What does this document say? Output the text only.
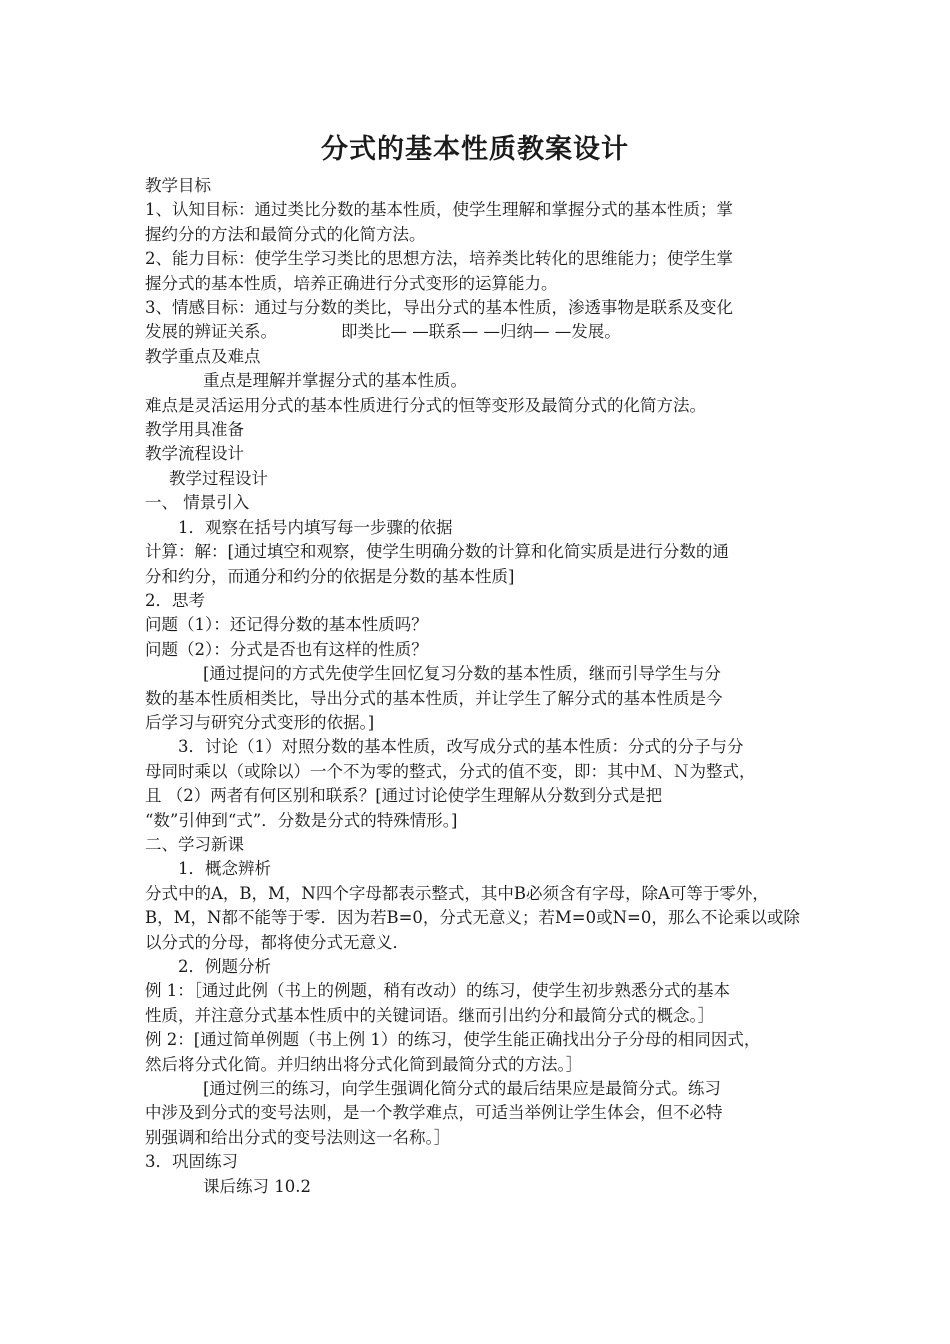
分式的基本性质教案设计

教学目标

1、认知目标：通过类比分数的基本性质，使学生理解和掌握分式的基本性质；掌

握约分的方法和最简分式的化简方法。

2、能力目标：使学生学习类比的思想方法，培养类比转化的思维能力；使学生掌

握分式的基本性质，培养正确进行分式变形的运算能力。

3、情感目标：通过与分数的类比，导出分式的基本性质，渗透事物是联系及变化

发展的辨证关系。	即类比— —联系— —归纳— —发展。

教学重点及难点

重点是理解并掌握分式的基本性质。

难点是灵活运用分式的基本性质进行分式的恒等变形及最简分式的化简方法。

教学用具准备

教学流程设计

教学过程设计

一、 情景引入

1．观察在括号内填写每一步骤的依据

计算：解：[通过填空和观察，使学生明确分数的计算和化简实质是进行分数的通

分和约分，而通分和约分的依据是分数的基本性质]

2．思考

问题（1）：还记得分数的基本性质吗？

问题（2）：分式是否也有这样的性质？

[通过提问的方式先使学生回忆复习分数的基本性质，继而引导学生与分

数的基本性质相类比，导出分式的基本性质，并让学生了解分式的基本性质是今

后学习与研究分式变形的依据。]

3．讨论（1）对照分数的基本性质，改写成分式的基本性质：分式的分子与分

母同时乘以（或除以）一个不为零的整式，分式的值不变，即：其中Ｍ、Ｎ为整式，

且 （2）两者有何区别和联系？[通过讨论使学生理解从分数到分式是把

“数”引伸到“式”．分数是分式的特殊情形。]

二、学习新课

1．概念辨析

分式中的A，B，M，N四个字母都表示整式，其中B必须含有字母，除A可等于零外，

B，M，N都不能等于零．因为若B=0，分式无意义；若M=0或N=0，那么不论乘以或除

以分式的分母，都将使分式无意义．

2．例题分析

例 1：［通过此例（书上的例题，稍有改动）的练习，使学生初步熟悉分式的基本

性质，并注意分式基本性质中的关键词语。继而引出约分和最简分式的概念。］

例 2：[通过简单例题（书上例 1）的练习，使学生能正确找出分子分母的相同因式，

然后将分式化简。并归纳出将分式化简到最简分式的方法。］

[通过例三的练习，向学生强调化简分式的最后结果应是最简分式。练习

中涉及到分式的变号法则，是一个教学难点，可适当举例让学生体会，但不必特

别强调和给出分式的变号法则这一名称。］

3．巩固练习

课后练习 10.2
